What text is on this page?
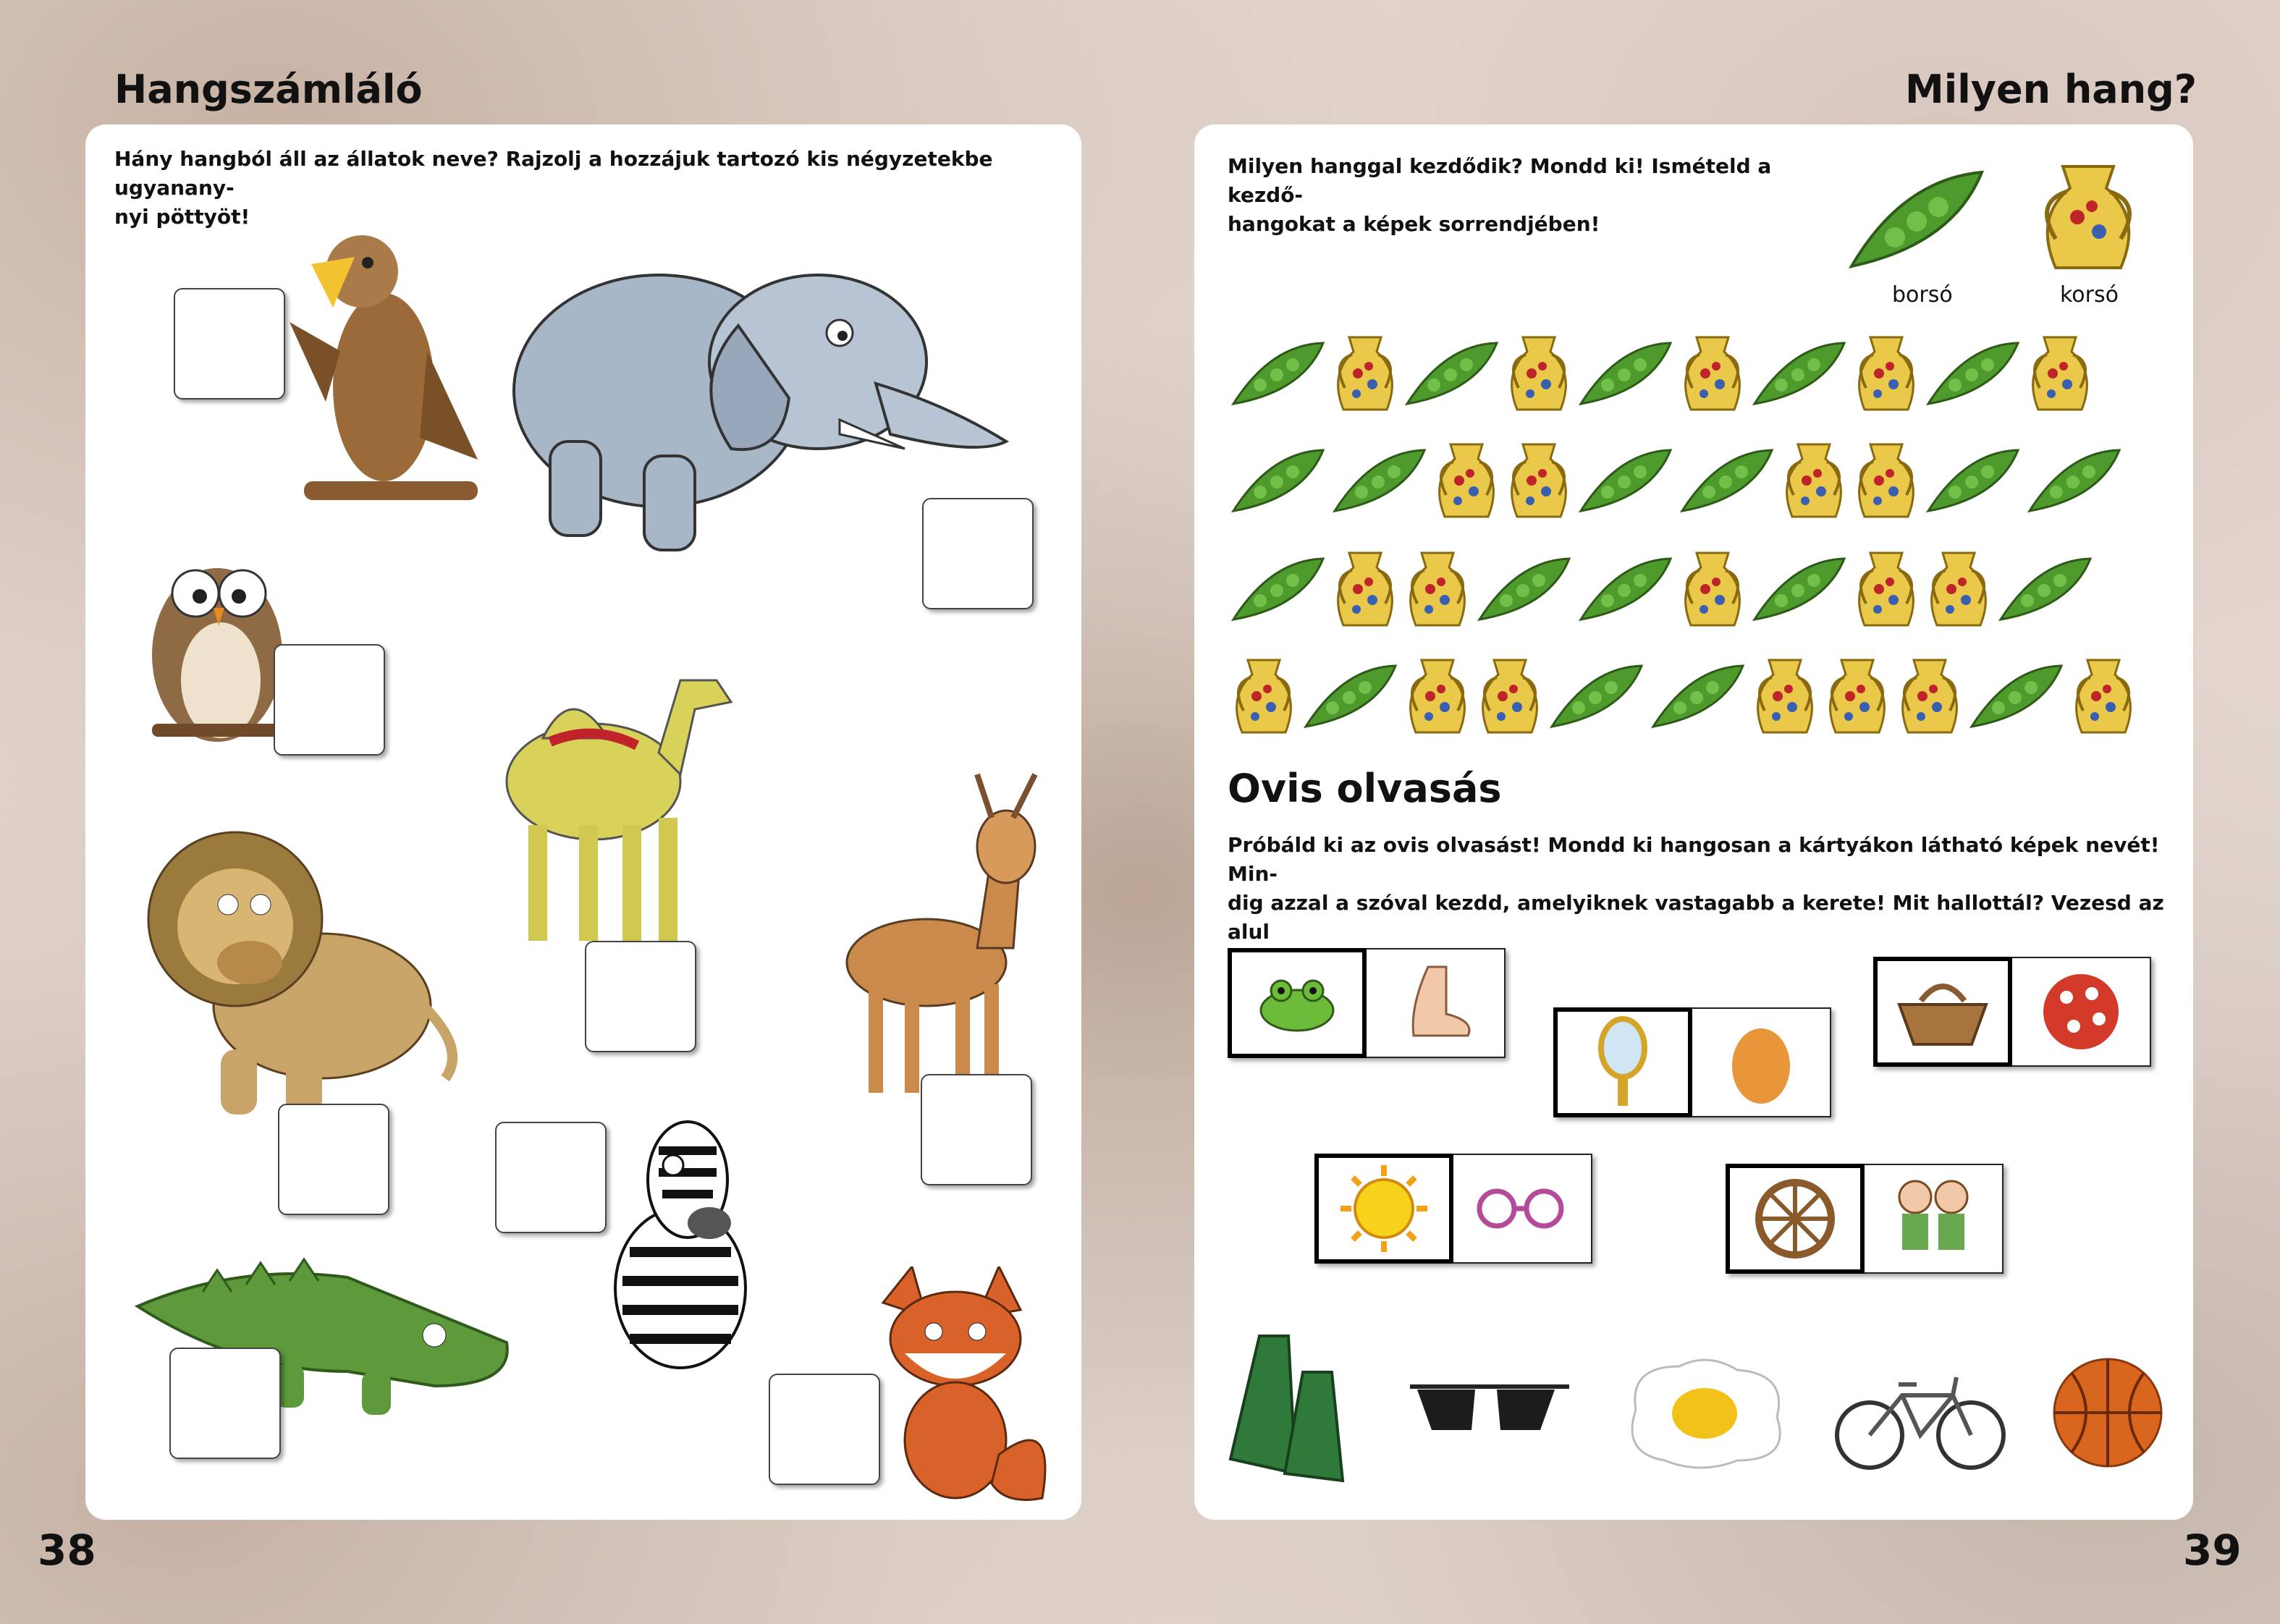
Hangszámláló
Hány hangból áll az állatok neve? Rajzolj a hozzájuk tartozó kis négyzetekbe ugyanany-
nyi pöttyöt!
38
Milyen hang?
Milyen hanggal kezdődik? Mondd ki! Ismételd a kezdő-
hangokat a képek sorrendjében!
borsó	korsó
Ovis olvasás
Próbáld ki az ovis olvasást! Mondd ki hangosan a kártyákon látható képek nevét! Min-
dig azzal a szóval kezdd, amelyiknek vastagabb a kerete! Mit hallottál? Vezesd az alul
39
